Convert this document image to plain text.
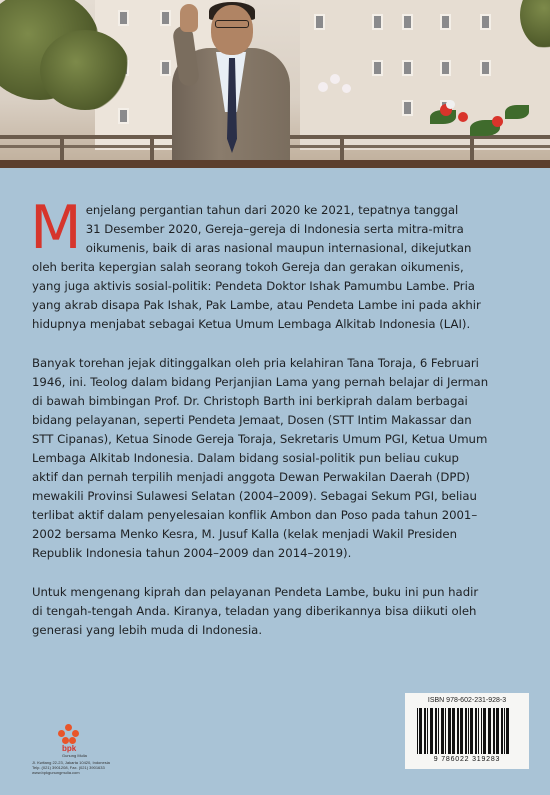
M enjelang pergantian tahun dari 2020 ke 2021, tepatnya tanggal
31 Desember 2020, Gereja–gereja di Indonesia serta mitra-mitra
oikumenis, baik di aras nasional maupun internasional, dikejutkan
oleh berita kepergian salah seorang tokoh Gereja dan gerakan oikumenis,
yang juga aktivis sosial-politik: Pendeta Doktor Ishak Pamumbu Lambe. Pria
yang akrab disapa Pak Ishak, Pak Lambe, atau Pendeta Lambe ini pada akhir
hidupnya menjabat sebagai Ketua Umum Lembaga Alkitab Indonesia (LAI).

Banyak torehan jejak ditinggalkan oleh pria kelahiran Tana Toraja, 6 Februari
1946, ini. Teolog dalam bidang Perjanjian Lama yang pernah belajar di Jerman
di bawah bimbingan Prof. Dr. Christoph Barth ini berkiprah dalam berbagai
bidang pelayanan, seperti Pendeta Jemaat, Dosen (STT Intim Makassar dan
STT Cipanas), Ketua Sinode Gereja Toraja, Sekretaris Umum PGI, Ketua Umum
Lembaga Alkitab Indonesia. Dalam bidang sosial-politik pun beliau cukup
aktif dan pernah terpilih menjadi anggota Dewan Perwakilan Daerah (DPD)
mewakili Provinsi Sulawesi Selatan (2004–2009). Sebagai Sekum PGI, beliau
terlibat aktif dalam penyelesaian konflik Ambon dan Poso pada tahun 2001–
2002 bersama Menko Kesra, M. Jusuf Kalla (kelak menjadi Wakil Presiden
Republik Indonesia tahun 2004–2009 dan 2014–2019).

Untuk mengenang kiprah dan pelayanan Pendeta Lambe, buku ini pun hadir
di tengah-tengah Anda. Kiranya, teladan yang diberikannya bisa diikuti oleh
generasi yang lebih muda di Indonesia.

bpk
Gunung Mulia
Jl. Kwitang 22-23, Jakarta 10420, Indonesia
Telp. (021) 3901208, Fax. (021) 3901633
www.bpkgunungmulia.com
ISBN 978-602-231-928-3
9 786022 319283
